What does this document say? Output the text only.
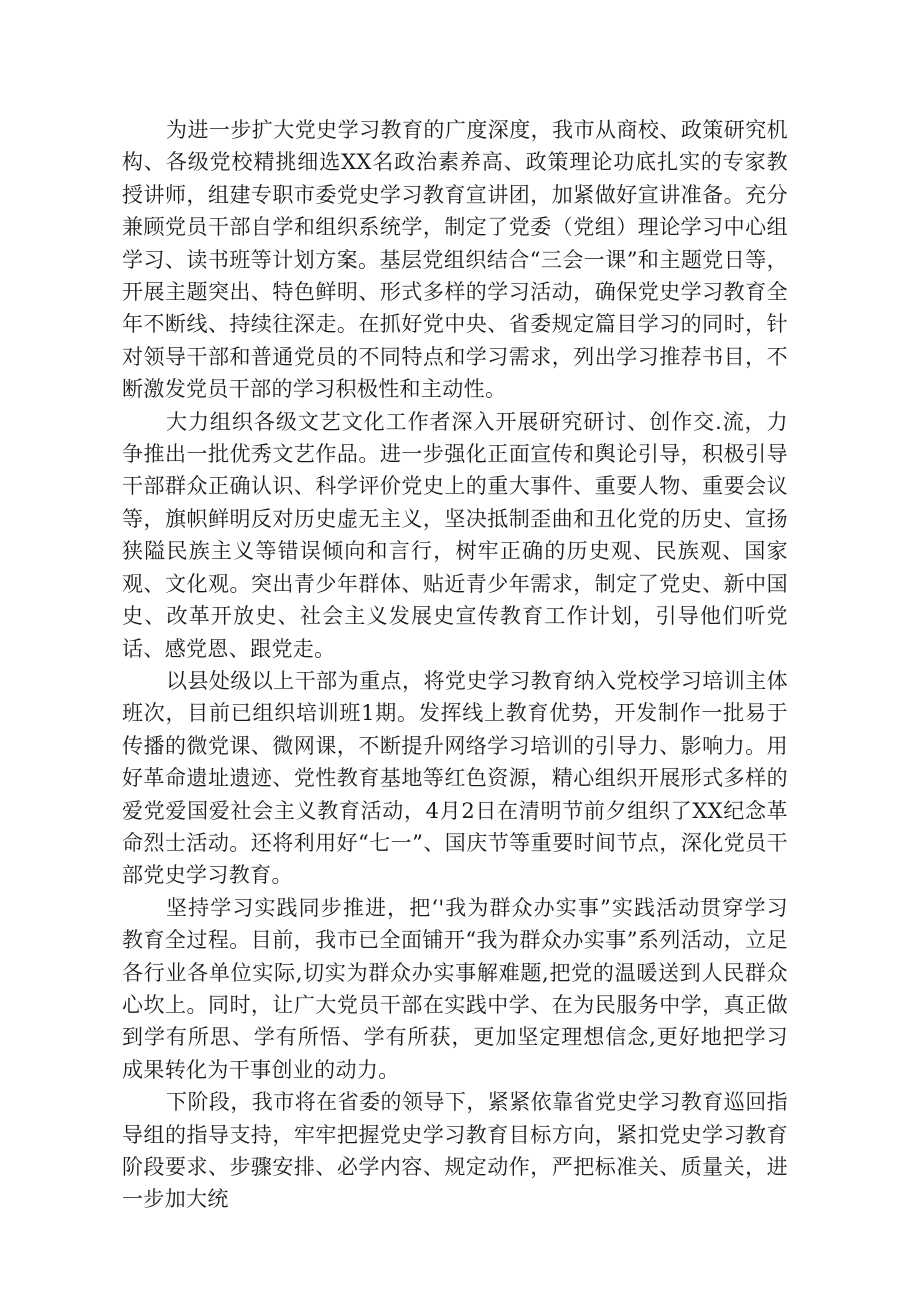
为进一步扩大党史学习教育的广度深度，我市从商校、政策研究机构、各级党校精挑细选XX名政治素养高、政策理论功底扎实的专家教授讲师，组建专职市委党史学习教育宣讲团，加紧做好宣讲准备。充分兼顾党员干部自学和组织系统学，制定了党委（党组）理论学习中心组学习、读书班等计划方案。基层党组织结合“三会一课”和主题党日等，开展主题突出、特色鲜明、形式多样的学习活动，确保党史学习教育全年不断线、持续往深走。在抓好党中央、省委规定篇目学习的同时，针对领导干部和普通党员的不同特点和学习需求，列出学习推荐书目，不断激发党员干部的学习积极性和主动性。

大力组织各级文艺文化工作者深入开展研究研讨、创作交.流，力争推出一批优秀文艺作品。进一步强化正面宣传和舆论引导，积极引导干部群众正确认识、科学评价党史上的重大事件、重要人物、重要会议等，旗帜鲜明反对历史虚无主义，坚决抵制歪曲和丑化党的历史、宣扬狭隘民族主义等错误倾向和言行，树牢正确的历史观、民族观、国家观、文化观。突出青少年群体、贴近青少年需求，制定了党史、新中国史、改革开放史、社会主义发展史宣传教育工作计划，引导他们听党话、感党恩、跟党走。

以县处级以上干部为重点，将党史学习教育纳入党校学习培训主体班次，目前已组织培训班1期。发挥线上教育优势，开发制作一批易于传播的微党课、微网课，不断提升网络学习培训的引导力、影响力。用好革命遗址遗迹、党性教育基地等红色资源，精心组织开展形式多样的爱党爱国爱社会主义教育活动，4月2日在清明节前夕组织了XX纪念革命烈士活动。还将利用好“七一”、国庆节等重要时间节点，深化党员干部党史学习教育。

坚持学习实践同步推进，把‘'我为群众办实事”实践活动贯穿学习教育全过程。目前，我市已全面铺开“我为群众办实事”系列活动，立足各行业各单位实际,切实为群众办实事解难题,把党的温暖送到人民群众心坎上。同时，让广大党员干部在实践中学、在为民服务中学，真正做到学有所思、学有所悟、学有所获，更加坚定理想信念,更好地把学习成果转化为干事创业的动力。

下阶段，我市将在省委的领导下，紧紧依靠省党史学习教育巡回指导组的指导支持，牢牢把握党史学习教育目标方向，紧扣党史学习教育阶段要求、步骤安排、必学内容、规定动作，严把标准关、质量关，进一步加大统
